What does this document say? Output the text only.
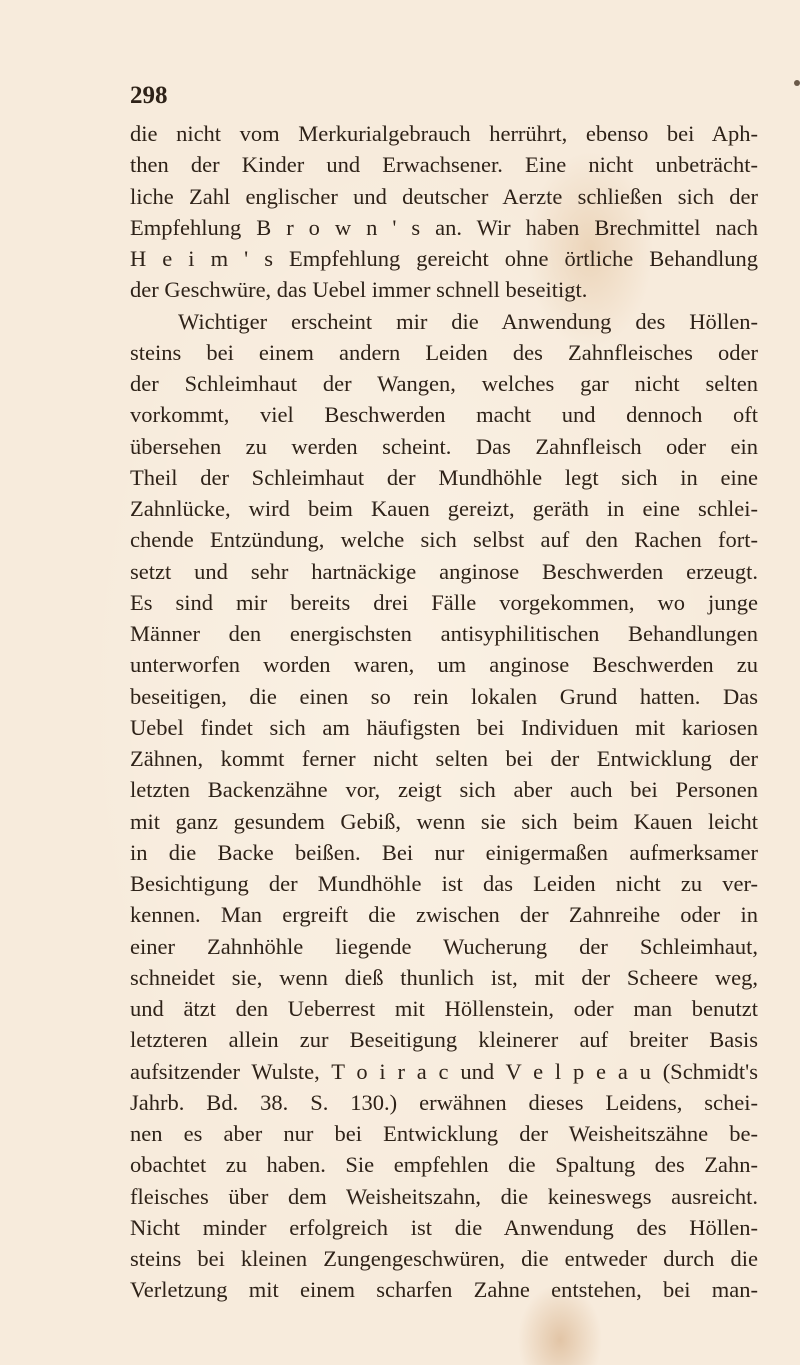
298
die nicht vom Merkurialgebrauch herrührt, ebenso bei Aph-
then der Kinder und Erwachsener. Eine nicht unbeträcht-
liche Zahl englischer und deutscher Aerzte schließen sich der
Empfehlung B r o w n ' s an. Wir haben Brechmittel nach
H e i m ' s Empfehlung gereicht ohne örtliche Behandlung
der Geschwüre, das Uebel immer schnell beseitigt.
Wichtiger erscheint mir die Anwendung des Höllen-
steins bei einem andern Leiden des Zahnfleisches oder
der Schleimhaut der Wangen, welches gar nicht selten
vorkommt, viel Beschwerden macht und dennoch oft
übersehen zu werden scheint. Das Zahnfleisch oder ein
Theil der Schleimhaut der Mundhöhle legt sich in eine
Zahnlücke, wird beim Kauen gereizt, geräth in eine schlei-
chende Entzündung, welche sich selbst auf den Rachen fort-
setzt und sehr hartnäckige anginose Beschwerden erzeugt.
Es sind mir bereits drei Fälle vorgekommen, wo junge
Männer den energischsten antisyphilitischen Behandlungen
unterworfen worden waren, um anginose Beschwerden zu
beseitigen, die einen so rein lokalen Grund hatten. Das
Uebel findet sich am häufigsten bei Individuen mit kariosen
Zähnen, kommt ferner nicht selten bei der Entwicklung der
letzten Backenzähne vor, zeigt sich aber auch bei Personen
mit ganz gesundem Gebiß, wenn sie sich beim Kauen leicht
in die Backe beißen. Bei nur einigermaßen aufmerksamer
Besichtigung der Mundhöhle ist das Leiden nicht zu ver-
kennen. Man ergreift die zwischen der Zahnreihe oder in
einer Zahnhöhle liegende Wucherung der Schleimhaut,
schneidet sie, wenn dieß thunlich ist, mit der Scheere weg,
und ätzt den Ueberrest mit Höllenstein, oder man benutzt
letzteren allein zur Beseitigung kleinerer auf breiter Basis
aufsitzender Wulste, T o i r a c und V e l p e a u (Schmidt's
Jahrb. Bd. 38. S. 130.) erwähnen dieses Leidens, schei-
nen es aber nur bei Entwicklung der Weisheitszähne be-
obachtet zu haben. Sie empfehlen die Spaltung des Zahn-
fleisches über dem Weisheitszahn, die keineswegs ausreicht.
Nicht minder erfolgreich ist die Anwendung des Höllen-
steins bei kleinen Zungengeschwüren, die entweder durch die
Verletzung mit einem scharfen Zahne entstehen, bei man-
